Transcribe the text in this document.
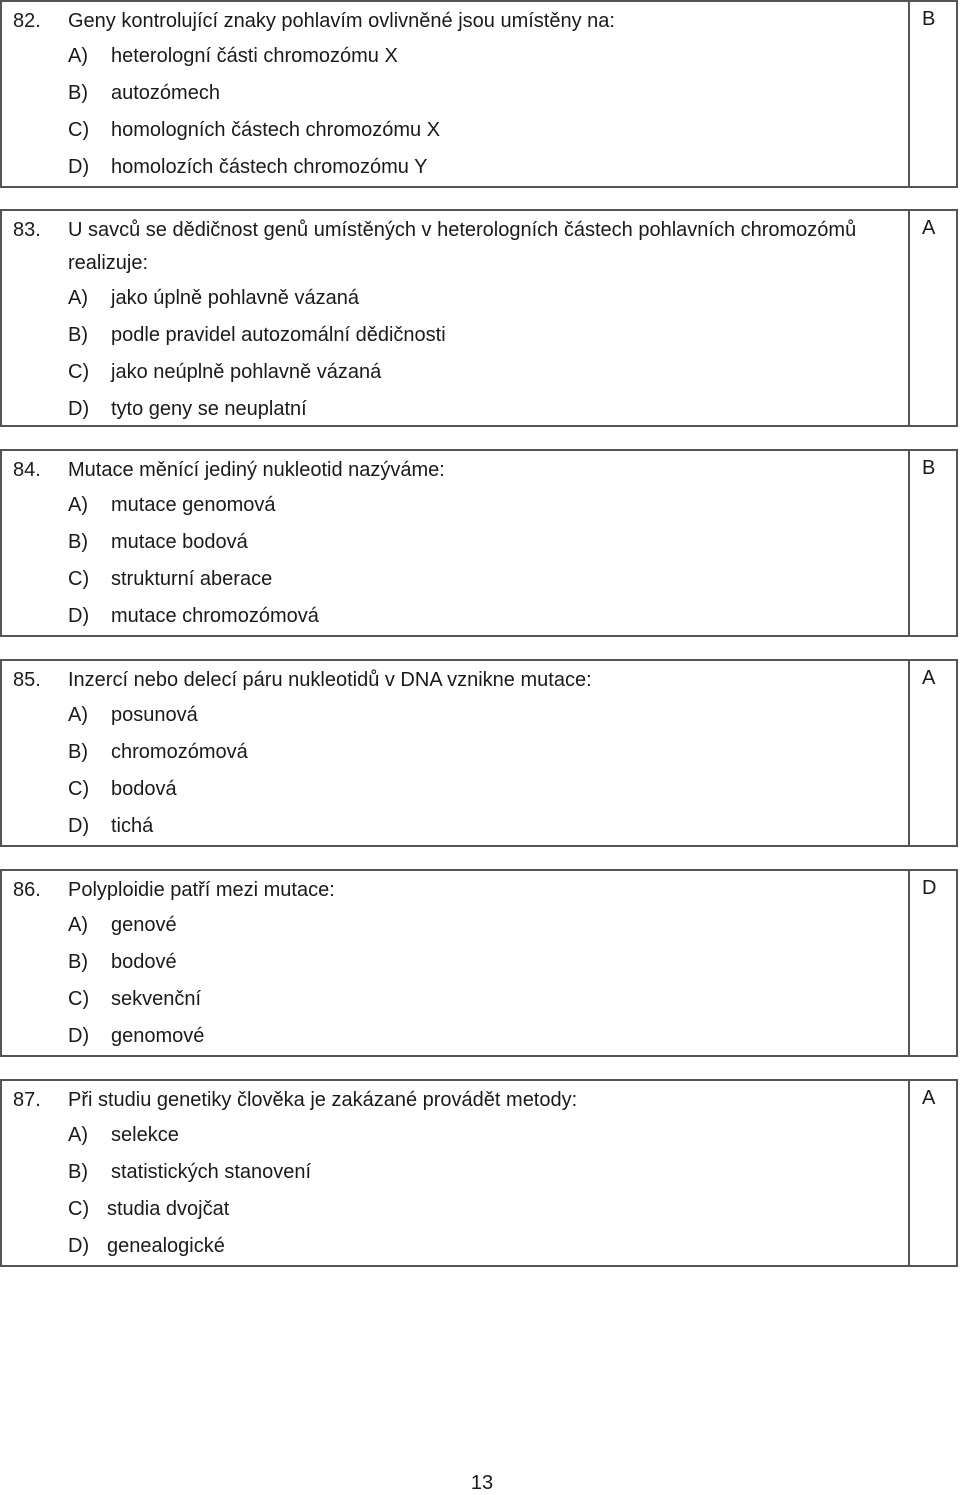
82.	Geny kontrolující znaky pohlavím ovlivněné jsou umístěny na:
A)	heterologní části chromozómu X
B)	autozómech
C)	homologních částech chromozómu X
D)	homolozích částech chromozómu Y
B
83.	U savců se dědičnost genů umístěných v heterologních částech pohlavních chromozómů realizuje:
A)	jako úplně pohlavně vázaná
B)	podle pravidel autozomální dědičnosti
C)	jako neúplně pohlavně vázaná
D)	tyto geny se neuplatní
A
84.	Mutace měnící jediný nukleotid nazýváme:
A)	mutace genomová
B)	mutace bodová
C)	strukturní aberace
D)	mutace chromozómová
B
85.	Inzercí nebo delecí páru nukleotidů v DNA vznikne mutace:
A)	posunová
B)	chromozómová
C)	bodová
D)	tichá
A
86.	Polyploidie patří mezi mutace:
A)	genové
B)	bodové
C)	sekvenční
D)	genomové
D
87.	Při studiu genetiky člověka je zakázané provádět metody:
A)	selekce
B)	statistických stanovení
C) studia dvojčat
D) genealogické
A
13
